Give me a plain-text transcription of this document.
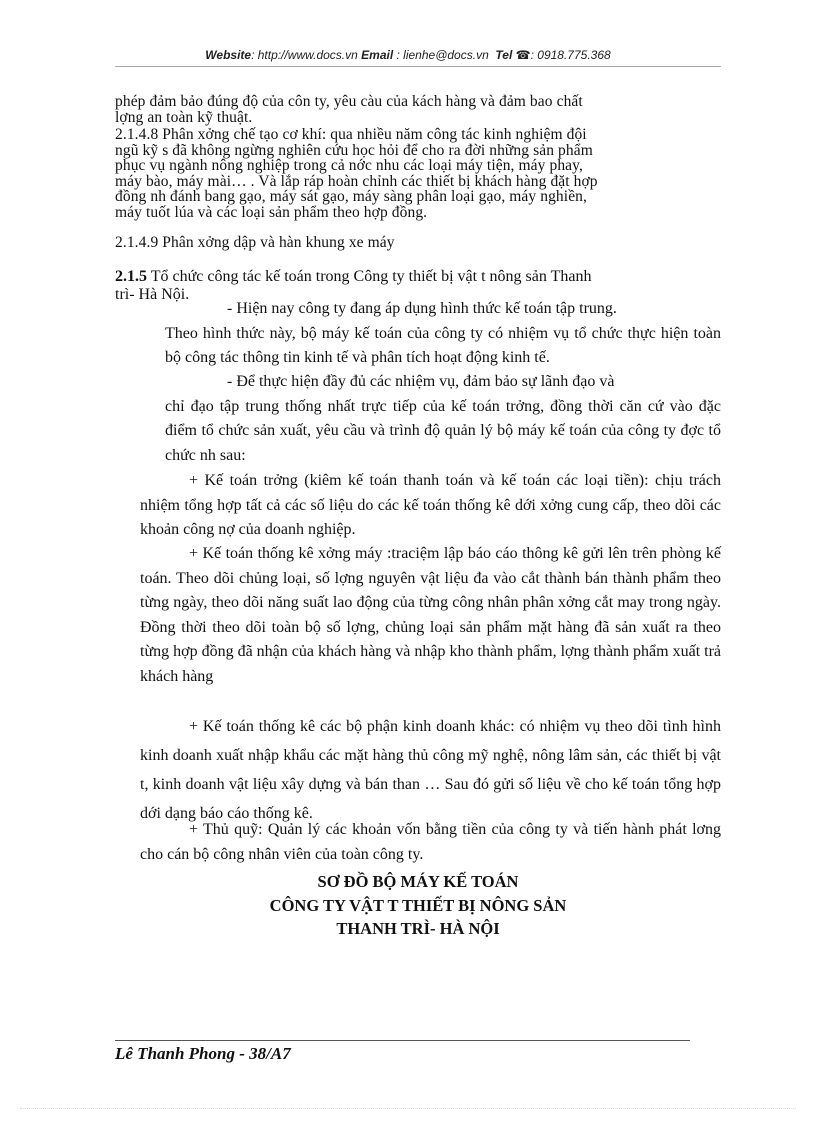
Website: http://www.docs.vn Email : lienhe@docs.vn Tel ☎: 0918.775.368
phép đảm bảo đúng độ của côn ty, yêu càu của kách hàng và đảm bao chất
lợng an toàn kỹ thuật.
2.1.4.8 Phân xởng chế tạo cơ khí: qua nhiều năm công tác kinh nghiệm đội
ngũ kỹ s đã không ngừng nghiên cứu học hỏi để cho ra đời những sản phẩm
phục vụ ngành nông nghiệp trong cả nớc nhu các loại máy tiện, máy phay,
máy bào, máy mài… . Và lắp ráp hoàn chỉnh các thiết bị khách hàng đặt hợp
đồng nh đánh bang gạo, máy sát gạo, máy sàng phân loại gạo, máy nghiền,
máy tuốt lúa và các loại sản phẩm theo hợp đồng.
2.1.4.9 Phân xởng dập và hàn khung xe máy
2.1.5 Tổ chức công tác kế toán trong Công ty thiết bị vật t nông sản Thanh
trì- Hà Nội.

- Hiện nay công ty đang áp dụng hình thức kế toán tập trung.

Theo hình thức này, bộ máy kế toán của công ty có nhiệm vụ tổ chức thực hiện toàn bộ công tác thông tin kinh tế và phân tích hoạt động kinh tế.

- Để thực hiện đầy đủ các nhiệm vụ, đảm bảo sự lãnh đạo và

chỉ đạo tập trung thống nhất trực tiếp của kế toán trởng, đồng thời căn cứ vào đặc điểm tổ chức sản xuất, yêu cầu và trình độ quản lý bộ máy kế toán của công ty đợc tổ chức nh sau:

+ Kế toán trởng (kiêm kế toán thanh toán và kế toán các loại tiền): chịu trách nhiệm tổng hợp tất cả các số liệu do các kế toán thống kê dới xởng cung cấp, theo dõi các khoản công nợ của doanh nghiệp.

+ Kế toán thống kê xởng máy :traciệm lập báo cáo thông kê gửi lên trên phòng kế toán. Theo dõi chủng loại, số lợng nguyên vật liệu đa vào cắt thành bán thành phẩm theo từng ngày, theo dõi năng suất lao động của từng công nhân phân xởng cắt may trong ngày. Đồng thời theo dõi toàn bộ số lợng, chủng loại sản phẩm mặt hàng đã sản xuất ra theo từng hợp đồng đã nhận của khách hàng và nhập kho thành phẩm, lợng thành phẩm xuất trả khách hàng

+ Kế toán thống kê các bộ phận kinh doanh khác: có nhiệm vụ theo dõi tình hình kinh doanh xuất nhập khẩu các mặt hàng thủ công mỹ nghệ, nông lâm sản, các thiết bị vật t, kinh doanh vật liệu xây dựng và bán than … Sau đó gửi số liệu về cho kế toán tổng hợp dới dạng báo cáo thống kê.

+ Thủ quỹ: Quản lý các khoản vốn bằng tiền của công ty và tiến hành phát lơng cho cán bộ công nhân viên của toàn công ty.

SƠ ĐỒ BỘ MÁY KẾ TOÁN
CÔNG TY VẬT T THIẾT BỊ NÔNG SẢN
THANH TRÌ- HÀ NỘI
Lê Thanh Phong - 38/A7
